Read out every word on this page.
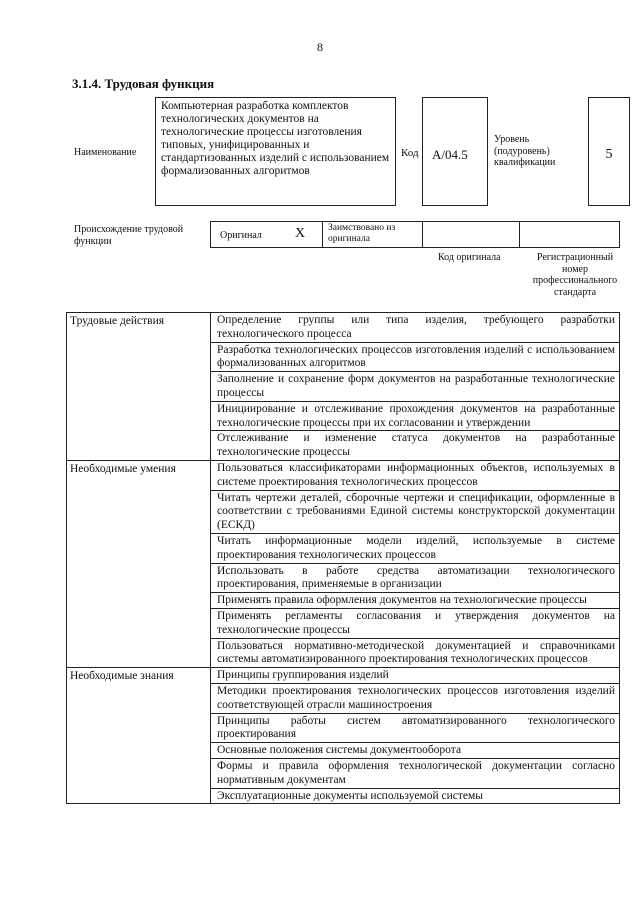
8
3.1.4. Трудовая функция
Наименование
Компьютерная разработка комплектов технологических документов на технологические процессы изготовления типовых, унифицированных и стандартизованных изделий с использованием формализованных алгоритмов
Код A/04.5
Уровень (подуровень) квалификации
5
Происхождение трудовой функции	Оригинал X Заимствовано из оригинала
Код оригинала	Регистрационный номер профессионального стандарта
Трудовые действия	Определение группы или типа изделия, требующего разработки технологического процесса
Разработка технологических процессов изготовления изделий с использованием формализованных алгоритмов
Заполнение и сохранение форм документов на разработанные технологические процессы
Инициирование и отслеживание прохождения документов на разработанные технологические процессы при их согласовании и утверждении
Отслеживание и изменение статуса документов на разработанные технологические процессы
Необходимые умения	Пользоваться классификаторами информационных объектов, используемых в системе проектирования технологических процессов
Читать чертежи деталей, сборочные чертежи и спецификации, оформленные в соответствии с требованиями Единой системы конструкторской документации (ЕСКД)
Читать информационные модели изделий, используемые в системе проектирования технологических процессов
Использовать в работе средства автоматизации технологического проектирования, применяемые в организации
Применять правила оформления документов на технологические процессы
Применять регламенты согласования и утверждения документов на технологические процессы
Пользоваться нормативно-методической документацией и справочниками системы автоматизированного проектирования технологических процессов
Необходимые знания	Принципы группирования изделий
Методики проектирования технологических процессов изготовления изделий соответствующей отрасли машиностроения
Принципы работы систем автоматизированного технологического проектирования
Основные положения системы документооборота
Формы и правила оформления технологической документации согласно нормативным документам
Эксплуатационные документы используемой системы
